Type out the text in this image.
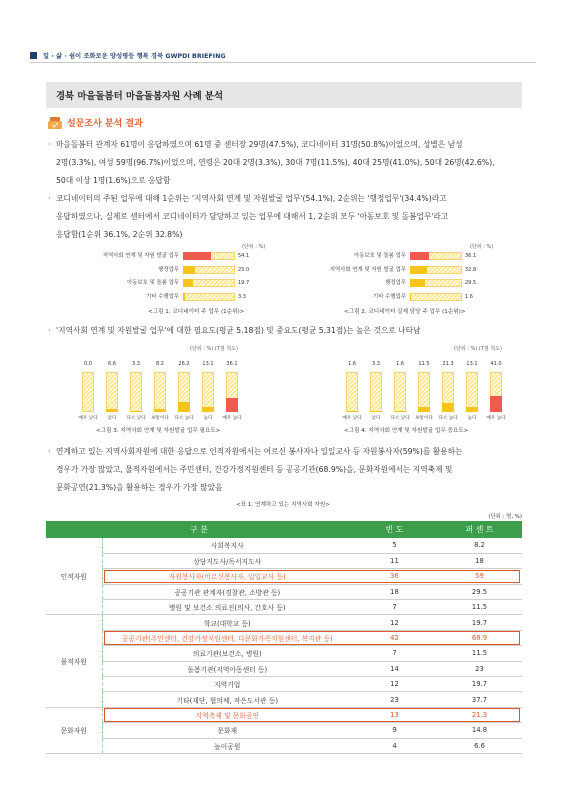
일 · 삶 · 쉼이 조화로운 양성평등 행복 경북 GWPDI BRIEFING
경북 마을돌봄터 마을돌봄자원 사례 분석
설문조사 분석 결과
· 마을돌봄터 관계자 61명이 응답하였으며 61명 중 센터장 29명(47.5%), 코디네이터 31명(50.8%)이었으며, 성별은 남성
2명(3.3%), 여성 59명(96.7%)이었으며, 연령은 20대 2명(3.3%), 30대 7명(11.5%), 40대 25명(41.0%), 50대 26명(42.6%),
50대 이상 1명(1.6%)으로 응답함
· 코디네이터의 주된 업무에 대해 1순위는 '지역사회 연계 및 자원발굴 업무'(54.1%), 2순위는 '행정업무'(34.4%)라고
응답하였으나, 실제로 센터에서 코디네이터가 담당하고 있는 업무에 대해서 1, 2순위 모두 '아동보호 및 돌봄업무'라고
응답함(1순위 36.1%, 2순위 32.8%)
(단위 : %)
지역사회 연계 및 자원 발굴 업무	54.1
행정업무	23.0
아동보호 및 돌봄 업무	19.7
기타 수행업무	3.3
<그림 1. 코디네이터 주 업무 (1순위)>
(단위 : %)
아동보호 및 돌봄 업무	36.1
지역사회 연계 및 자원 발굴 업무	32.8
행정업무	29.5
기타 수행업무	1.6
<그림 2. 코디네이터 실제 담당 주 업무 (1순위)>
· '지역사회 연계 및 자원발굴 업무'에 대한 필요도(평균 5.18점) 및 중요도(평균 5.31점)는 높은 것으로 나타남
(단위 : %) (7점 척도)
0.0
매우 낮다
6.6
낮다
3.3
다소 낮다
8.2
보통이다
26.2
다소 높다
13.1
높다
36.1
매우 높다
<그림 3. 지역사회 연계 및 자원발굴 업무 필요도>
(단위 : %) (7점 척도)
1.6
매우 낮다
3.3
낮다
1.6
다소 낮다
11.5
보통이다
21.3
다소 높다
13.1
높다
41.0
매우 높다
<그림 4. 지역사회 연계 및 자원발굴 업무 중요도>
· 연계하고 있는 지역사회자원에 대한 응답으로 인적자원에서는 어르신 봉사자나 일일교사 등 자원봉사자(59%)를 활용하는
경우가 가장 많았고, 물적자원에서는 주민센터, 건강가정지원센터 등 공공기관(68.9%)을, 문화자원에서는 지역축제 및
문화공연(21.3%)을 활용하는 경우가 가장 많았음
<표 1. 연계하고 있는 지역사회 자원>
(단위 : 명, %)
구 분		빈 도	퍼 센 트
인적자원	사회복지사	5	8.2
	상담지도사/독서지도사	11	18
	자원봉사자(어르신봉사자, 일일교사 등)	36	59
	공공기관 관계자(경찰관, 소방관 등)	18	29.5
	병원 및 보건소 의료진(의사, 간호사 등)	7	11.5
물적자원	학교(대학교 등)	12	19.7
	공공기관(주민센터, 건강가정지원센터, 다문화가족지원센터, 복지관 등)	42	68.9
	의료기관(보건소, 병원)	7	11.5
	돌봄기관(지역아동센터 등)	14	23
	지역기업	12	19.7
	기타(재단, 협의체, 작은도서관 등)	23	37.7
문화자원	지역축제 및 문화공연	13	21.3
	문화재	9	14.8
	놀이공원	4	6.6
